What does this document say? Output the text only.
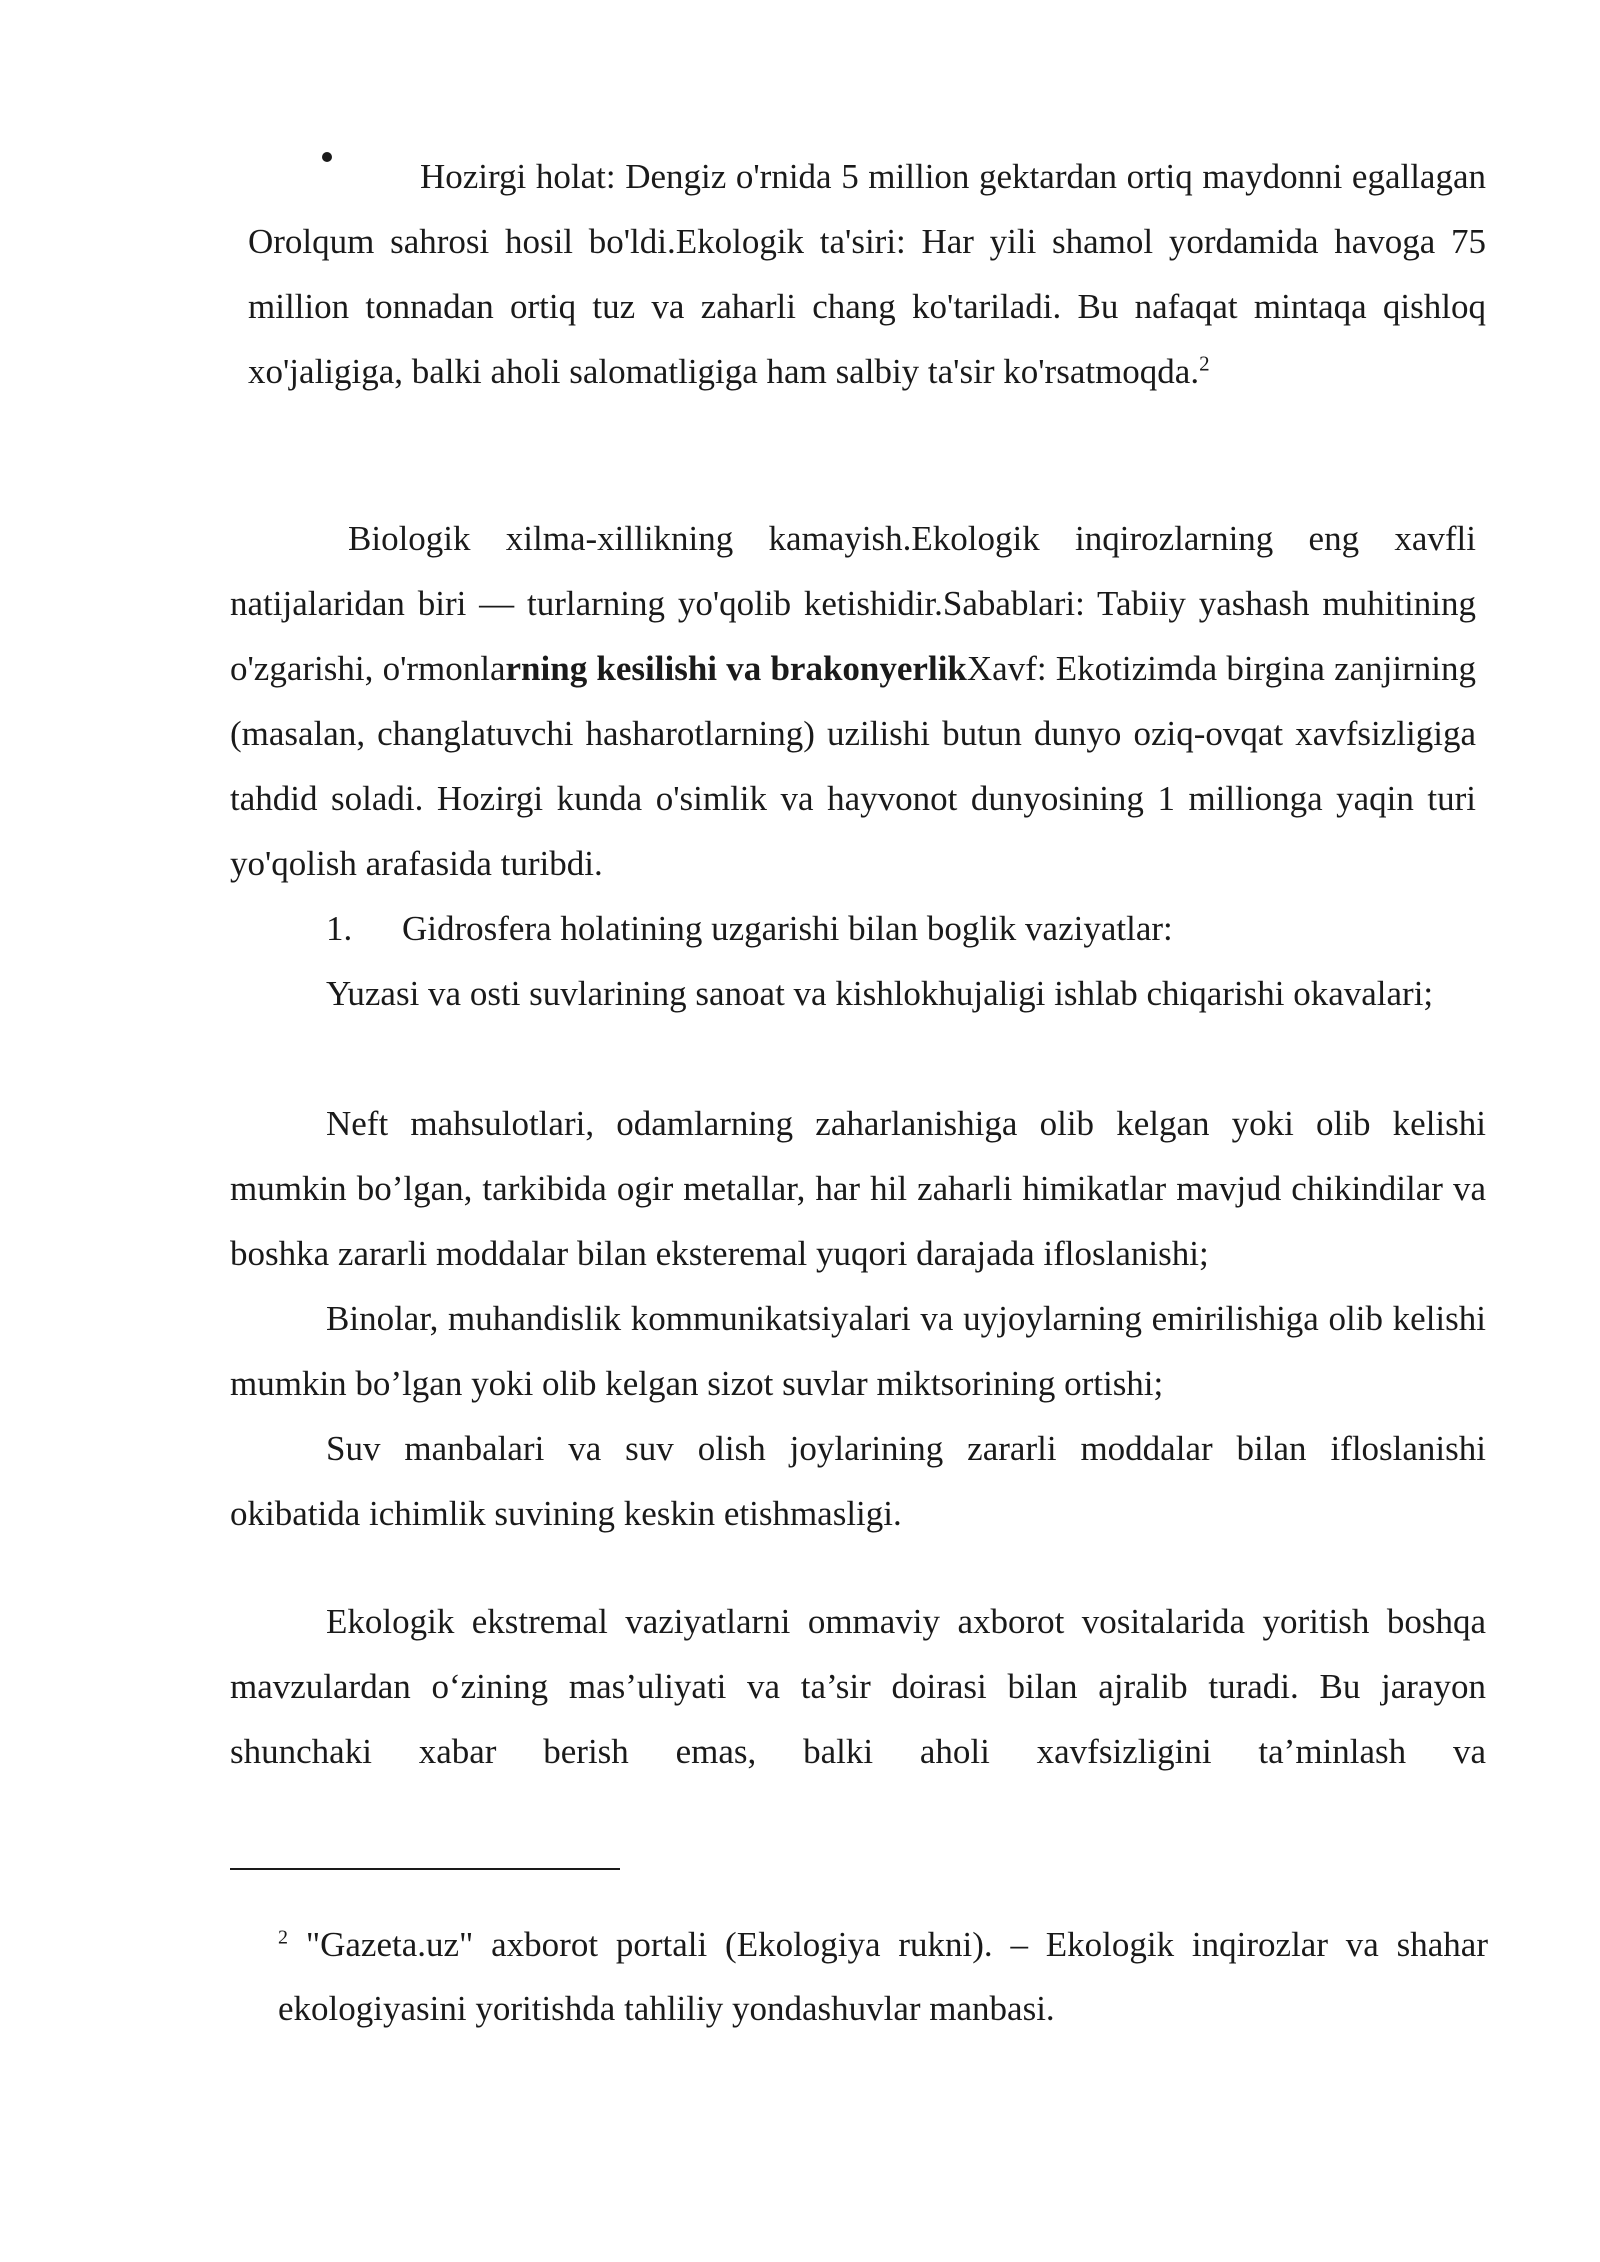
Hozirgi holat: Dengiz o'rnida 5 million gektardan ortiq maydonni egallagan Orolqum sahrosi hosil bo'ldi.Ekologik ta'siri: Har yili shamol yordamida havoga 75 million tonnadan ortiq tuz va zaharli chang ko'tariladi. Bu nafaqat mintaqa qishloq xo'jaligiga, balki aholi salomatligiga ham salbiy ta'sir ko'rsatmoqda.$^2$

Biologik xilma-xillikning kamayish.Ekologik inqirozlarning eng xavfli natijalaridan biri — turlarning yo'qolib ketishidir.Sabablari: Tabiiy yashash muhitining o'zgarishi, o'rmonlarning kesilishi va brakonyerlikXavf: Ekotizimda birgina zanjirning (masalan, changlatuvchi hasharotlarning) uzilishi butun dunyo oziq-ovqat xavfsizligiga tahdid soladi. Hozirgi kunda o'simlik va hayvonot dunyosining 1 millionga yaqin turi yo'qolish arafasida turibdi.

1. Gidrosfera holatining uzgarishi bilan boglik vaziyatlar:

Yuzasi va osti suvlarining sanoat va kishlokhujaligi ishlab chiqarishi okavalari;

Neft mahsulotlari, odamlarning zaharlanishiga olib kelgan yoki olib kelishi mumkin bo’lgan, tarkibida ogir metallar, har hil zaharli himikatlar mavjud chikindilar va boshka zararli moddalar bilan eksteremal yuqori darajada ifloslanishi;

Binolar, muhandislik kommunikatsiyalari va uyjoylarning emirilishiga olib kelishi mumkin bo’lgan yoki olib kelgan sizot suvlar miktsorining ortishi;

Suv manbalari va suv olish joylarining zararli moddalar bilan ifloslanishi okibatida ichimlik suvining keskin etishmasligi.

Ekologik ekstremal vaziyatlarni ommaviy axborot vositalarida yoritish boshqa mavzulardan o‘zining mas’uliyati va ta’sir doirasi bilan ajralib turadi. Bu jarayon shunchaki xabar berish emas, balki aholi xavfsizligini ta’minlash va

$^2$ "Gazeta.uz" axborot portali (Ekologiya rukni). – Ekologik inqirozlar va shahar ekologiyasini yoritishda tahliliy yondashuvlar manbasi.
